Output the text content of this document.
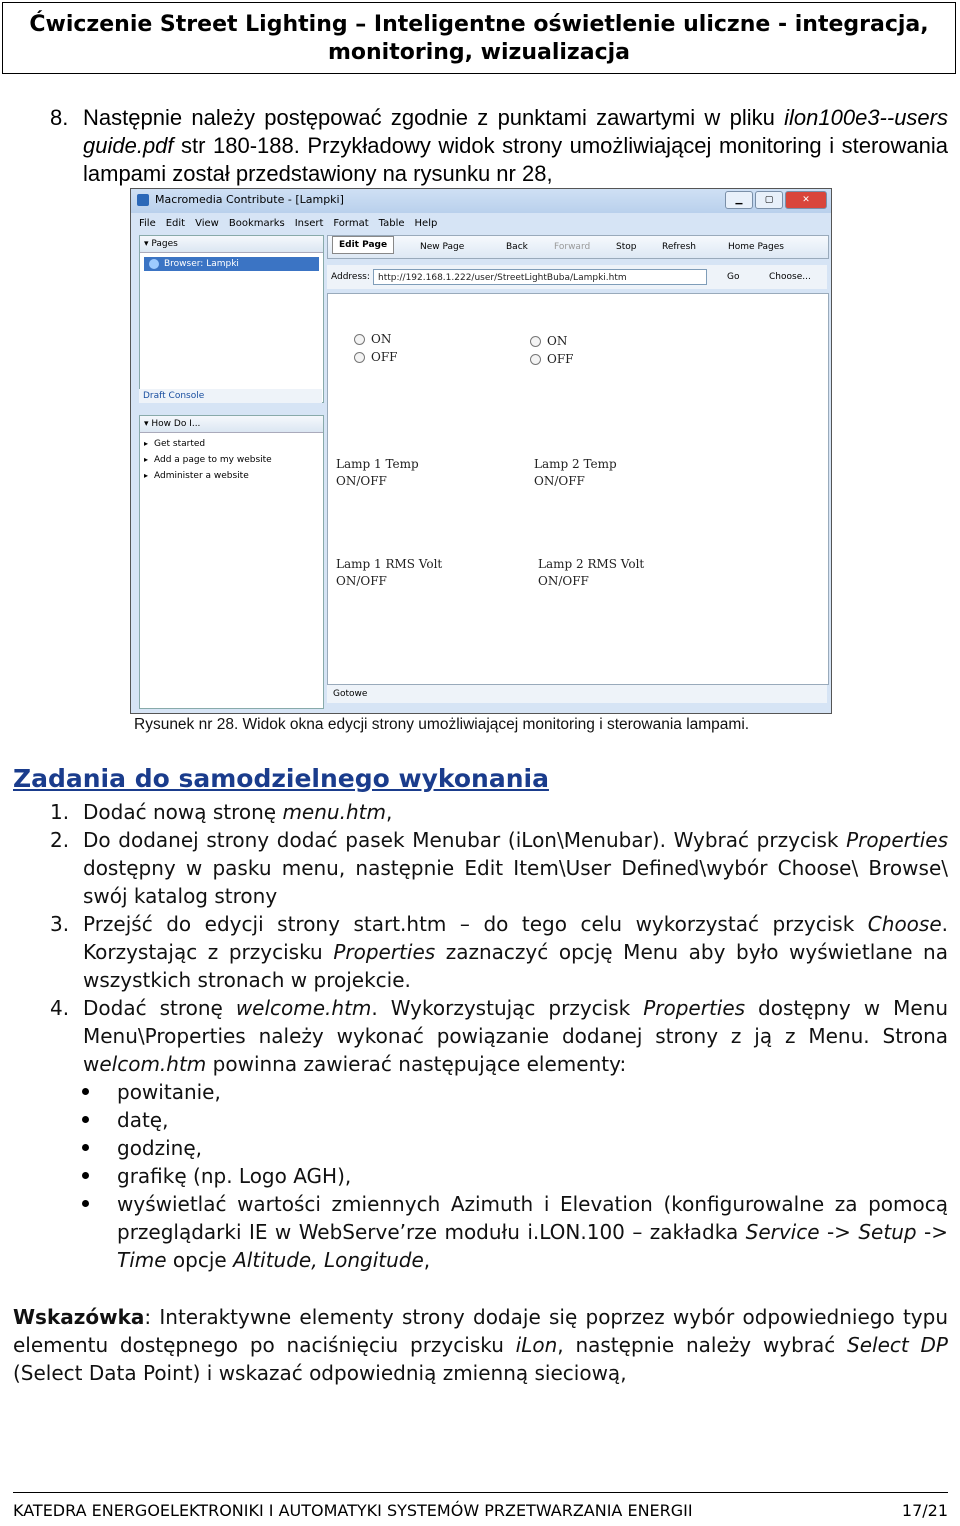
Ćwiczenie Street Lighting – Inteligentne oświetlenie uliczne - integracja,
monitoring, wizualizacja
8. Następnie należy postępować zgodnie z punktami zawartymi w pliku ilon100e3--users guide.pdf str 180-188. Przykładowy widok strony umożliwiającej monitoring i sterowania lampami został przedstawiony na rysunku nr 28,
Macromedia Contribute - [Lampki]	▁	▢	✕
File Edit View Bookmarks Insert Format Table Help
▾ Pages
Browser: Lampki
Draft Console
▾ How Do I...
▸ Get started
▸ Add a page to my website
▸ Administer a website
Edit Page	New Page	Back	Forward	Stop	Refresh	Home Pages
Address: http://192.168.1.222/user/StreetLightBuba/Lampki.htm	Go	Choose...
ON
OFF
ON
OFF
Lamp 1 Temp
ON/OFF
Lamp 2 Temp
ON/OFF
Lamp 1 RMS Volt
ON/OFF
Lamp 2 RMS Volt
ON/OFF
Gotowe
Rysunek nr 28. Widok okna edycji strony umożliwiającej monitoring i sterowania lampami.
Zadania do samodzielnego wykonania
1. Dodać nową stronę menu.htm,
2. Do dodanej strony dodać pasek Menubar (iLon\Menubar). Wybrać przycisk Properties dostępny w pasku menu, następnie Edit Item\User Defined\wybór Choose\ Browse\ swój katalog strony
3. Przejść do edycji strony start.htm – do tego celu wykorzystać przycisk Choose. Korzystając z przycisku Properties zaznaczyć opcję Menu aby było wyświetlane na wszystkich stronach w projekcie.
4. Dodać stronę welcome.htm. Wykorzystując przycisk Properties dostępny w Menu Menu\Properties należy wykonać powiązanie dodanej strony z ją z Menu. Strona welcom.htm powinna zawierać następujące elementy:
powitanie,
datę,
godzinę,
grafikę (np. Logo AGH),
wyświetlać wartości zmiennych Azimuth i Elevation (konfigurowalne za pomocą przeglądarki IE w WebServe’rze modułu i.LON.100 – zakładka Service -> Setup -> Time opcje Altitude, Longitude,
Wskazówka: Interaktywne elementy strony dodaje się poprzez wybór odpowiedniego typu elementu dostępnego po naciśnięciu przycisku iLon, następnie należy wybrać Select DP (Select Data Point) i wskazać odpowiednią zmienną sieciową,
KATEDRA ENERGOELEKTRONIKI I AUTOMATYKI SYSTEMÓW PRZETWARZANIA ENERGII	17/21
